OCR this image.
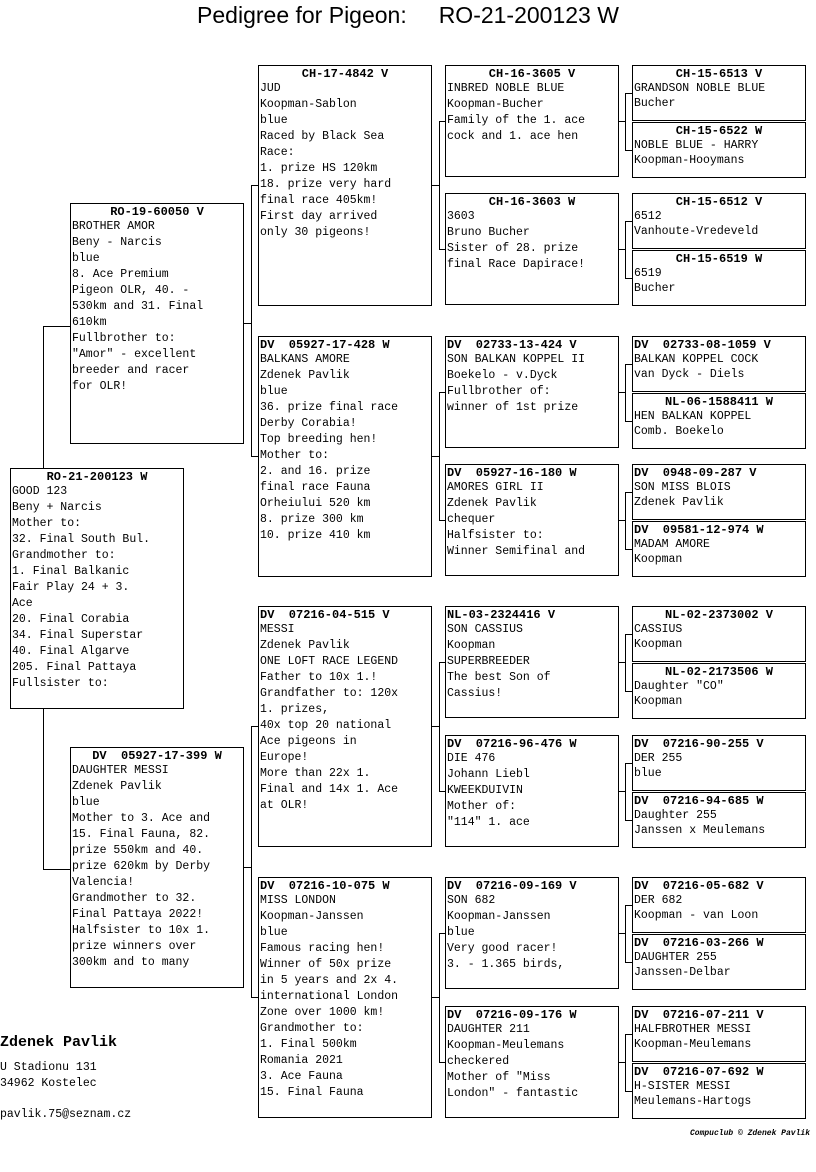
Pedigree for Pigeon:     RO-21-200123 W
RO-21-200123 W
GOOD 123
Beny + Narcis
Mother to:
32. Final South Bul.
Grandmother to:
1. Final Balkanic
Fair Play 24 + 3.
Ace
20. Final Corabia
34. Final Superstar
40. Final Algarve
205. Final Pattaya
Fullsister to:
RO-19-60050 V
BROTHER AMOR
Beny - Narcis
blue
8. Ace Premium
Pigeon OLR, 40. -
530km and 31. Final
610km
Fullbrother to:
"Amor" - excellent
breeder and racer
for OLR!
DV  05927-17-399 W
DAUGHTER MESSI
Zdenek Pavlik
blue
Mother to 3. Ace and
15. Final Fauna, 82.
prize 550km and 40.
prize 620km by Derby
Valencia!
Grandmother to 32.
Final Pattaya 2022!
Halfsister to 10x 1.
prize winners over
300km and to many
CH-17-4842 V
JUD
Koopman-Sablon
blue
Raced by Black Sea
Race:
1. prize HS 120km
18. prize very hard
final race 405km!
First day arrived
only 30 pigeons!
DV  05927-17-428 W
BALKANS AMORE
Zdenek Pavlik
blue
36. prize final race
Derby Corabia!
Top breeding hen!
Mother to:
2. and 16. prize
final race Fauna
Orheiului 520 km
8. prize 300 km
10. prize 410 km
DV  07216-04-515 V
MESSI
Zdenek Pavlik
ONE LOFT RACE LEGEND
Father to 10x 1.!
Grandfather to: 120x
1. prizes,
40x top 20 national
Ace pigeons in
Europe!
More than 22x 1.
Final and 14x 1. Ace
at OLR!
DV  07216-10-075 W
MISS LONDON
Koopman-Janssen
blue
Famous racing hen!
Winner of 50x prize
in 5 years and 2x 4.
international London
Zone over 1000 km!
Grandmother to:
1. Final 500km
Romania 2021
3. Ace Fauna
15. Final Fauna
CH-16-3605 V
INBRED NOBLE BLUE
Koopman-Bucher
Family of the 1. ace
cock and 1. ace hen
CH-16-3603 W
3603
Bruno Bucher
Sister of 28. prize
final Race Dapirace!
DV  02733-13-424 V
SON BALKAN KOPPEL II
Boekelo - v.Dyck
Fullbrother of:
winner of 1st prize
DV  05927-16-180 W
AMORES GIRL II
Zdenek Pavlik
chequer
Halfsister to:
Winner Semifinal and
NL-03-2324416 V
SON CASSIUS
Koopman
SUPERBREEDER
The best Son of
Cassius!
DV  07216-96-476 W
DIE 476
Johann Liebl
KWEEKDUIVIN
Mother of:
"114" 1. ace
DV  07216-09-169 V
SON 682
Koopman-Janssen
blue
Very good racer!
3. - 1.365 birds,
DV  07216-09-176 W
DAUGHTER 211
Koopman-Meulemans
checkered
Mother of "Miss
London" - fantastic
CH-15-6513 V
GRANDSON NOBLE BLUE
Bucher
CH-15-6522 W
NOBLE BLUE - HARRY
Koopman-Hooymans
CH-15-6512 V
6512
Vanhoute-Vredeveld
CH-15-6519 W
6519
Bucher
DV  02733-08-1059 V
BALKAN KOPPEL COCK
van Dyck - Diels
NL-06-1588411 W
HEN BALKAN KOPPEL
Comb. Boekelo
DV  0948-09-287 V
SON MISS BLOIS
Zdenek Pavlik
DV  09581-12-974 W
MADAM AMORE
Koopman
NL-02-2373002 V
CASSIUS
Koopman
NL-02-2173506 W
Daughter "CO"
Koopman
DV  07216-90-255 V
DER 255
blue
DV  07216-94-685 W
Daughter 255
Janssen x Meulemans
DV  07216-05-682 V
DER 682
Koopman - van Loon
DV  07216-03-266 W
DAUGHTER 255
Janssen-Delbar
DV  07216-07-211 V
HALFBROTHER MESSI
Koopman-Meulemans
DV  07216-07-692 W
H-SISTER MESSI
Meulemans-Hartogs
Zdenek Pavlik
U Stadionu 131
34962 Kostelec
pavlik.75@seznam.cz
Compuclub © Zdenek Pavlik
